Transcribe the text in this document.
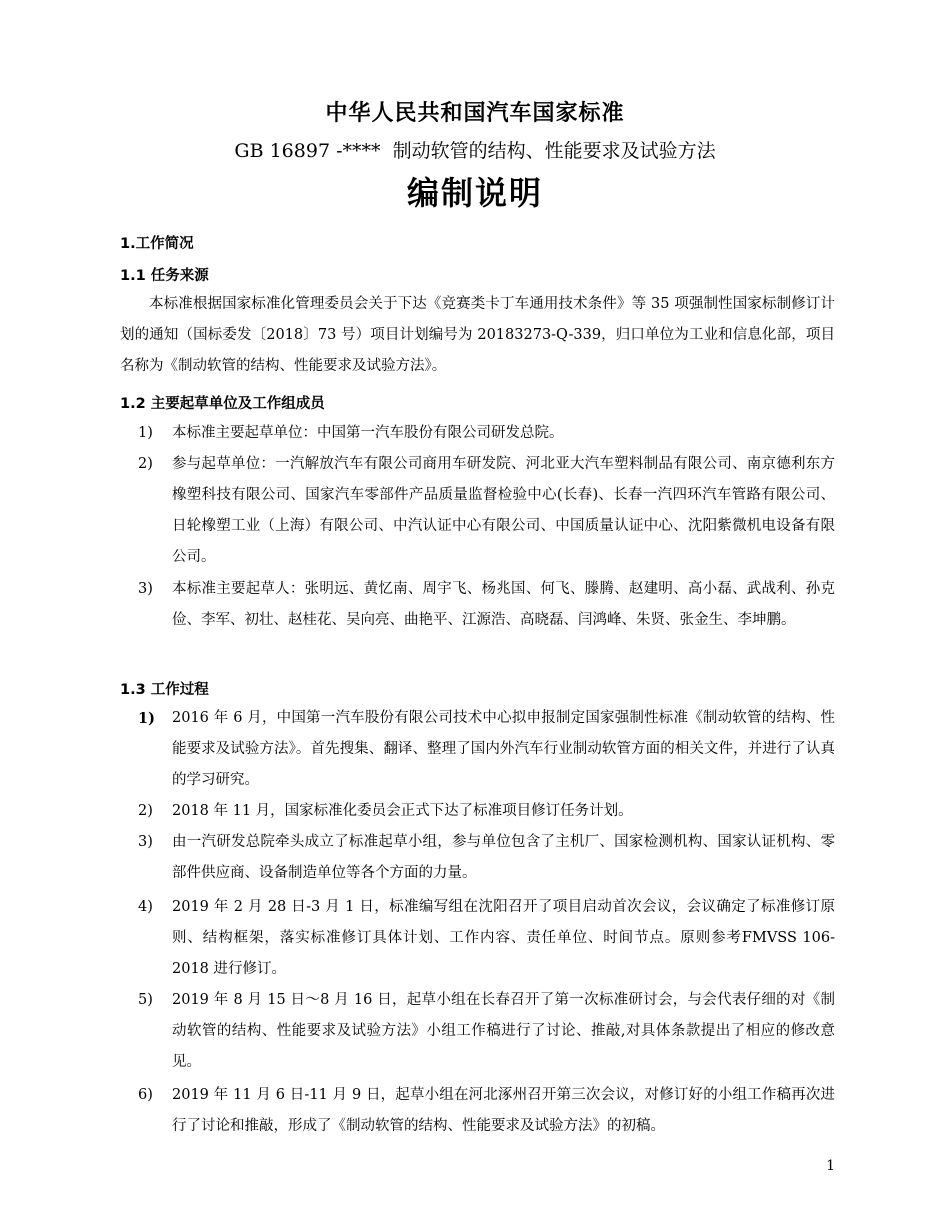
中华人民共和国汽车国家标准
GB 16897 -****  制动软管的结构、性能要求及试验方法
编制说明
1.工作简况
1.1 任务来源
本标准根据国家标准化管理委员会关于下达《竞赛类卡丁车通用技术条件》等 35 项强制性国家标制修订计划的通知（国标委发〔2018〕73 号）项目计划编号为 20183273-Q-339，归口单位为工业和信息化部，项目名称为《制动软管的结构、性能要求及试验方法》。
1.2 主要起草单位及工作组成员
1)	本标准主要起草单位：中国第一汽车股份有限公司研发总院。
2)	参与起草单位：一汽解放汽车有限公司商用车研发院、河北亚大汽车塑料制品有限公司、南京德利东方橡塑科技有限公司、国家汽车零部件产品质量监督检验中心(长春)、长春一汽四环汽车管路有限公司、日轮橡塑工业（上海）有限公司、中汽认证中心有限公司、中国质量认证中心、沈阳紫微机电设备有限公司。
3)	本标准主要起草人：张明远、黄忆南、周宇飞、杨兆国、何飞、滕腾、赵建明、高小磊、武战利、孙克俭、李军、初壮、赵桂花、吴向亮、曲艳平、江源浩、高晓磊、闫鸿峰、朱贤、张金生、李坤鹏。
1.3 工作过程
1)	2016 年 6 月，中国第一汽车股份有限公司技术中心拟申报制定国家强制性标准《制动软管的结构、性能要求及试验方法》。首先搜集、翻译、整理了国内外汽车行业制动软管方面的相关文件，并进行了认真的学习研究。
2)	2018 年 11 月，国家标准化委员会正式下达了标准项目修订任务计划。
3)	由一汽研发总院牵头成立了标准起草小组，参与单位包含了主机厂、国家检测机构、国家认证机构、零部件供应商、设备制造单位等各个方面的力量。
4)	2019 年 2 月 28 日-3 月 1 日，标准编写组在沈阳召开了项目启动首次会议，会议确定了标准修订原则、结构框架，落实标准修订具体计划、工作内容、责任单位、时间节点。原则参考FMVSS 106-2018 进行修订。
5)	2019 年 8 月 15 日～8 月 16 日，起草小组在长春召开了第一次标准研讨会，与会代表仔细的对《制动软管的结构、性能要求及试验方法》小组工作稿进行了讨论、推敲,对具体条款提出了相应的修改意见。
6)	2019 年 11 月 6 日-11 月 9 日，起草小组在河北涿州召开第三次会议，对修订好的小组工作稿再次进行了讨论和推敲，形成了《制动软管的结构、性能要求及试验方法》的初稿。
1
